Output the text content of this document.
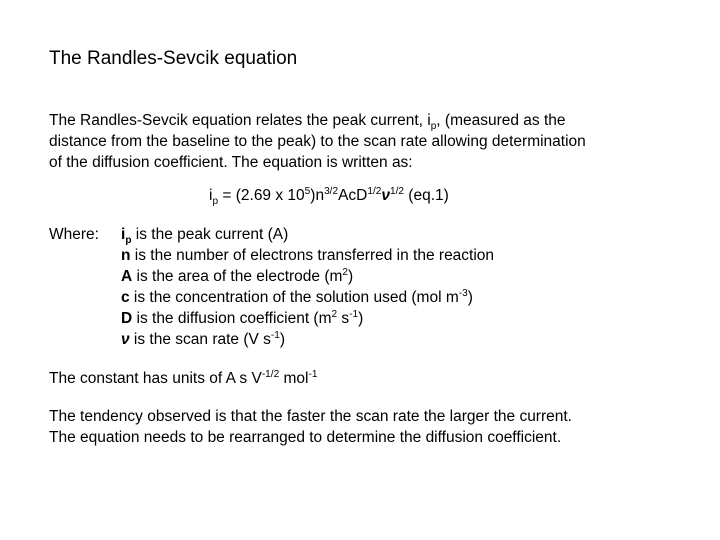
The Randles-Sevcik equation
The Randles-Sevcik equation relates the peak current, $i_p$, (measured as the
distance from the baseline to the peak) to the scan rate allowing determination
of the diffusion coefficient. The equation is written as:
$i_p = (2.69$ x $10^5)n^{3/2}AcD^{1/2}\nu^{1/2}$ (eq.1)
Where:	$i_p$ is the peak current (A)
n is the number of electrons transferred in the reaction
A is the area of the electrode $(m^2)$
c is the concentration of the solution used (mol $m^{-3}$)
D is the diffusion coefficient ($m^2$ $s^{-1}$)
ν is the scan rate (V $s^{-1}$)
The constant has units of A s $V^{-1/2}$ mol$^{-1}$
The tendency observed is that the faster the scan rate the larger the current.
The equation needs to be rearranged to determine the diffusion coefficient.
